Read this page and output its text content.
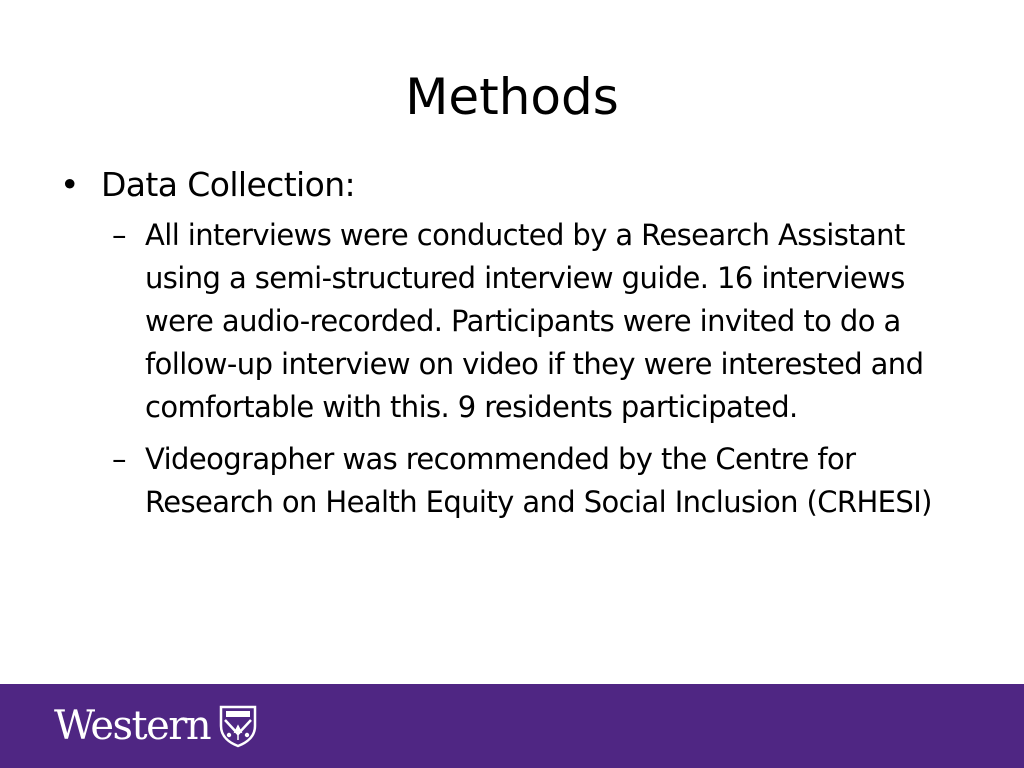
Methods
• Data Collection:
– All interviews were conducted by a Research Assistant using a semi-structured interview guide. 16 interviews were audio-recorded. Participants were invited to do a follow-up interview on video if they were interested and comfortable with this. 9 residents participated.
– Videographer was recommended by the Centre for Research on Health Equity and Social Inclusion (CRHESI)
Western
